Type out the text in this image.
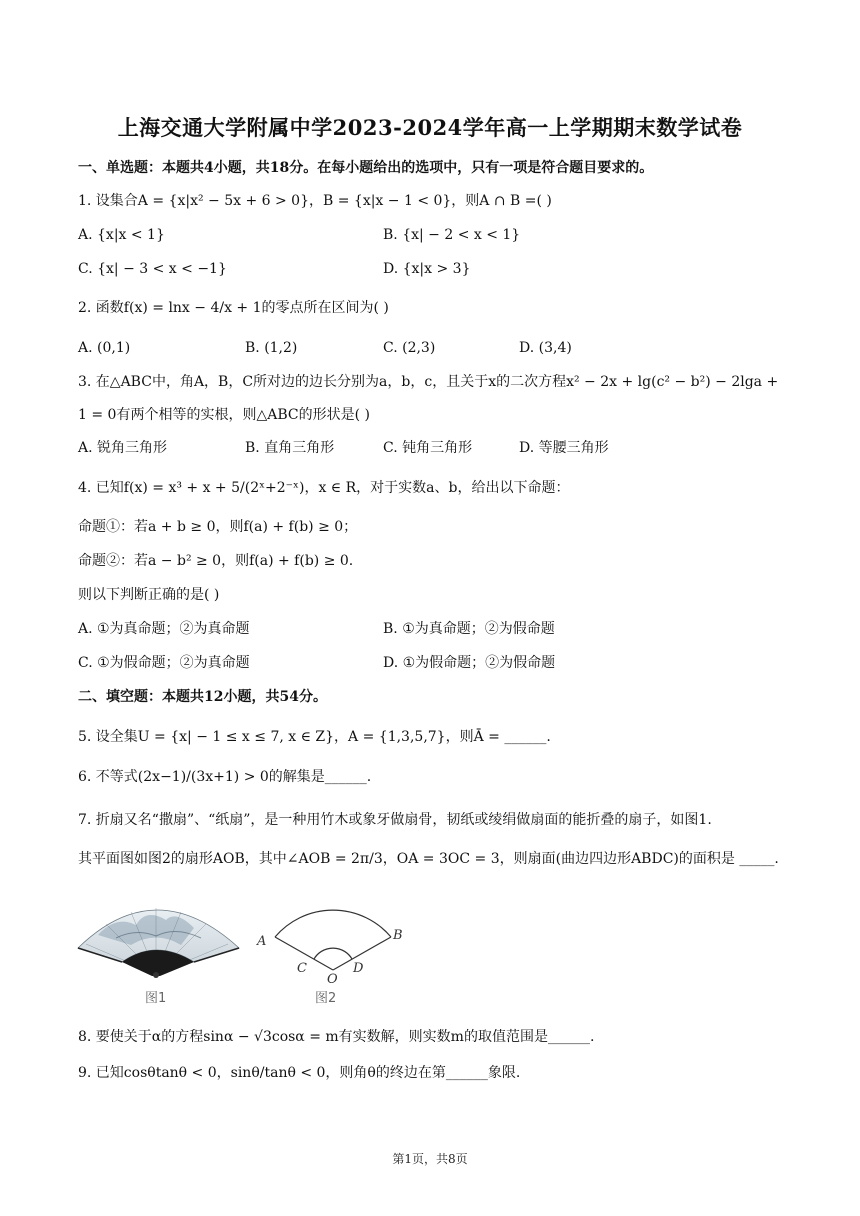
上海交通大学附属中学2023-2024学年高一上学期期末数学试卷
一、单选题：本题共4小题，共18分。在每小题给出的选项中，只有一项是符合题目要求的。
1. 设集合A = {x|x² − 5x + 6 > 0}，B = {x|x − 1 < 0}，则A ∩ B =( )
A. {x|x < 1}	B. {x| − 2 < x < 1}
C. {x| − 3 < x < −1}	D. {x|x > 3}
2. 函数f(x) = lnx − 4/x + 1的零点所在区间为( )
A. (0,1)	B. (1,2)	C. (2,3)	D. (3,4)
3. 在△ABC中，角A，B，C所对边的边长分别为a，b，c，且关于x的二次方程x² − 2x + lg(c² − b²) − 2lga +
1 = 0有两个相等的实根，则△ABC的形状是( )
A. 锐角三角形	B. 直角三角形	C. 钝角三角形	D. 等腰三角形
4. 已知f(x) = x³ + x + 5/(2ˣ+2⁻ˣ)，x ∈ R，对于实数a、b，给出以下命题：
命题①：若a + b ≥ 0，则f(a) + f(b) ≥ 0；
命题②：若a − b² ≥ 0，则f(a) + f(b) ≥ 0.
则以下判断正确的是( )
A. ①为真命题；②为真命题	B. ①为真命题；②为假命题
C. ①为假命题；②为真命题	D. ①为假命题；②为假命题
二、填空题：本题共12小题，共54分。
5. 设全集U = {x| − 1 ≤ x ≤ 7, x ∈ Z}，A = {1,3,5,7}，则Ā = ______.
6. 不等式(2x−1)/(3x+1) > 0的解集是______.
7. 折扇又名“撒扇”、“纸扇”，是一种用竹木或象牙做扇骨，韧纸或绫绢做扇面的能折叠的扇子，如图1.
其平面图如图2的扇形AOB，其中∠AOB = 2π/3，OA = 3OC = 3，则扇面(曲边四边形ABDC)的面积是 _____.
图1
A	B
C	D
O
图2
8. 要使关于α的方程sinα − √3cosα = m有实数解，则实数m的取值范围是______.
9. 已知cosθtanθ < 0，sinθ/tanθ < 0，则角θ的终边在第______象限.
第1页，共8页
